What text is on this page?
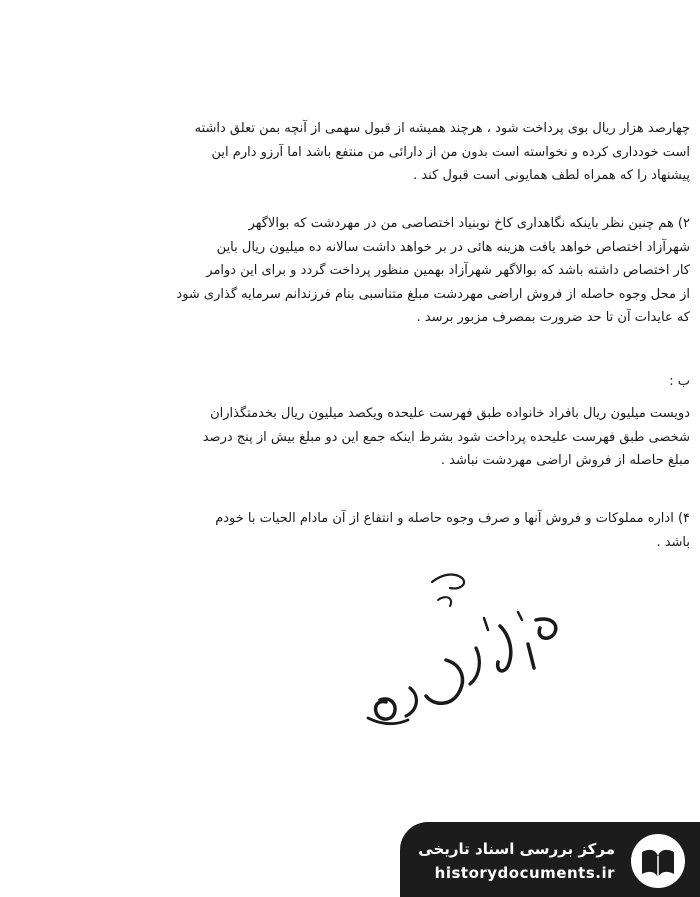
چهارصد هزار ریال بوی پرداخت شود ، هرچند همیشه از قبول سهمی از آنچه بمن تعلق داشته
است خودداری کرده و نخواسته است بدون من از دارائی من منتفع باشد اما آرزو دارم این
پیشنهاد را که همراه لطف همایونی است قبول کند .
۲) هم چنین نظر باینکه نگاهداری کاخ نوبنیاد اختصاصی من در مهردشت که بوالاگهر
شهرآزاد اختصاص خواهد یافت هزینه هائی در بر خواهد داشت سالانه ده میلیون ریال باین
کار اختصاص داشته باشد که بوالاگهر شهرآزاد بهمین منظور پرداخت گردد و برای این دوامر
از محل وجوه حاصله از فروش اراضی مهردشت مبلغ متناسبی بنام فرزندانم سرمایه گذاری شود
که عایدات آن تا حد ضرورت بمصرف مزبور برسد .
ب :
دویست میلیون ریال بافراد خانواده طبق فهرست علیحده ویکصد میلیون ریال بخدمتگذاران
شخصی طبق فهرست علیحده پرداخت شود بشرط اینکه جمع این دو مبلغ بیش از پنج درصد
مبلغ حاصله از فروش اراضی مهردشت نباشد .
۴) اداره مملوکات و فروش آنها و صرف وجوه حاصله و انتفاع از آن مادام الحیات با خودم
باشد .
مرکز بررسی اسناد تاریخی
historydocuments.ir
